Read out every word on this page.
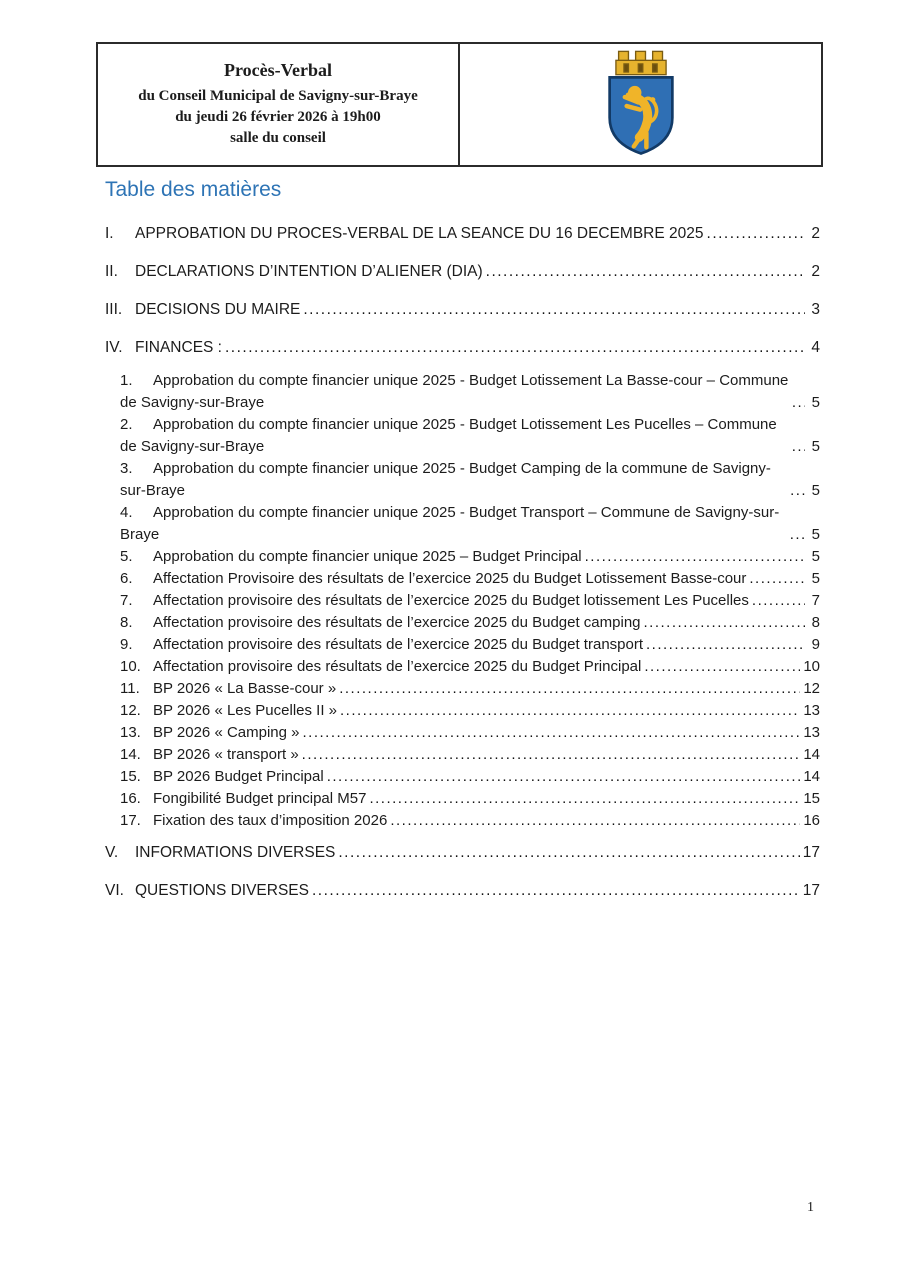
Procès-Verbal
du Conseil Municipal de Savigny-sur-Braye
du jeudi 26 février 2026 à 19h00
salle du conseil
Table des matières
I. APPROBATION DU PROCES-VERBAL DE LA SEANCE DU 16 DECEMBRE 2025 .....	2
II. DECLARATIONS D’INTENTION D’ALIENER (DIA) .....	2
III. DECISIONS DU MAIRE .....	3
IV. FINANCES : .....	4
1. Approbation du compte financier unique 2025 - Budget Lotissement La Basse-cour – Commune de Savigny-sur-Braye .....	5
2. Approbation du compte financier unique 2025 - Budget Lotissement Les Pucelles – Commune de Savigny-sur-Braye .....	5
3. Approbation du compte financier unique 2025 - Budget Camping de la commune de Savigny-sur-Braye .....	5
4. Approbation du compte financier unique 2025 - Budget Transport – Commune de Savigny-sur-Braye .....	5
5. Approbation du compte financier unique 2025 – Budget Principal .....	5
6. Affectation Provisoire des résultats de l’exercice 2025 du Budget Lotissement Basse-cour .....	5
7. Affectation provisoire des résultats de l’exercice 2025 du Budget lotissement Les Pucelles .....	7
8. Affectation provisoire des résultats de l’exercice 2025 du Budget camping .....	8
9. Affectation provisoire des résultats de l’exercice 2025 du Budget transport .....	9
10. Affectation provisoire des résultats de l’exercice 2025 du Budget Principal .....	10
11. BP 2026 « La Basse-cour » .....	12
12. BP 2026 « Les Pucelles II » .....	13
13. BP 2026 « Camping » .....	13
14. BP 2026 « transport » .....	14
15. BP 2026 Budget Principal .....	14
16. Fongibilité Budget principal M57 .....	15
17. Fixation des taux d’imposition 2026 .....	16
V. INFORMATIONS DIVERSES .....	17
VI. QUESTIONS DIVERSES .....	17
1
